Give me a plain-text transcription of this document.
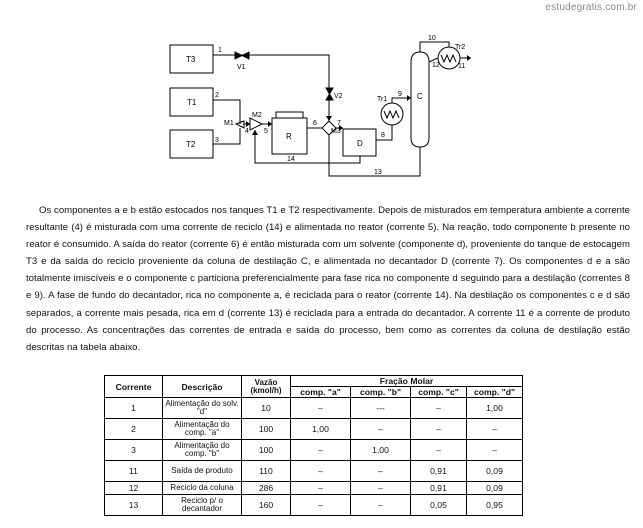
estudegratis.com.br
T3
T1
T2
R
D
C
M1
M2
M3
V1
V2	Tr1
Tr2
1
2
3
4 5
6	7
8
9
10
11
12
13
14

Os componentes a e b estão estocados nos tanques T1 e T2 respectivamente. Depois de misturados em temperatura ambiente a corrente resultante (4) é misturada com uma corrente de reciclo (14) e alimentada no reator (corrente 5). Na reação, todo componente b presente no reator é consumido. A saída do reator (corrente 6) é então misturada com um solvente (componente d), proveniente do tanque de estocagem T3 e da saída do reciclo proveniente da coluna de destilação C, e alimentada no decantador D (corrente 7). Os componentes d e a são totalmente imiscíveis e o componente c particiona preferencialmente para fase rica no componente d seguindo para a destilação (correntes 8 e 9). A fase de fundo do decantador, rica no componente a, é reciclada para o reator (corrente 14). Na destilação os componentes c e d são separados, a corrente mais pesada, rica em d (corrente 13) é reciclada para a entrada do decantador. A corrente 11 é a corrente de produto do processo. As concentrações das correntes de entrada e saída do processo, bem como as correntes da coluna de destilação estão descritas na tabela abaixo.

Corrente	Descrição	Vazão (kmol/h)	Fração Molar			
			comp. "a"	comp. "b"	comp. "c"	comp. "d"
1	Alimentação do solv. "d"	10	–	---	–	1,00
2	Alimentação do comp. "a"	100	1,00	–	–	–
3	Alimentação do comp. "b"	100	–	1,00	–	–
11	Saída de produto	110	–	–	0,91	0,09
12	Reciclo da coluna	286	–	–	0,91	0,09
13	Reciclo p/ o decantador	160	–	–	0,05	0,95
